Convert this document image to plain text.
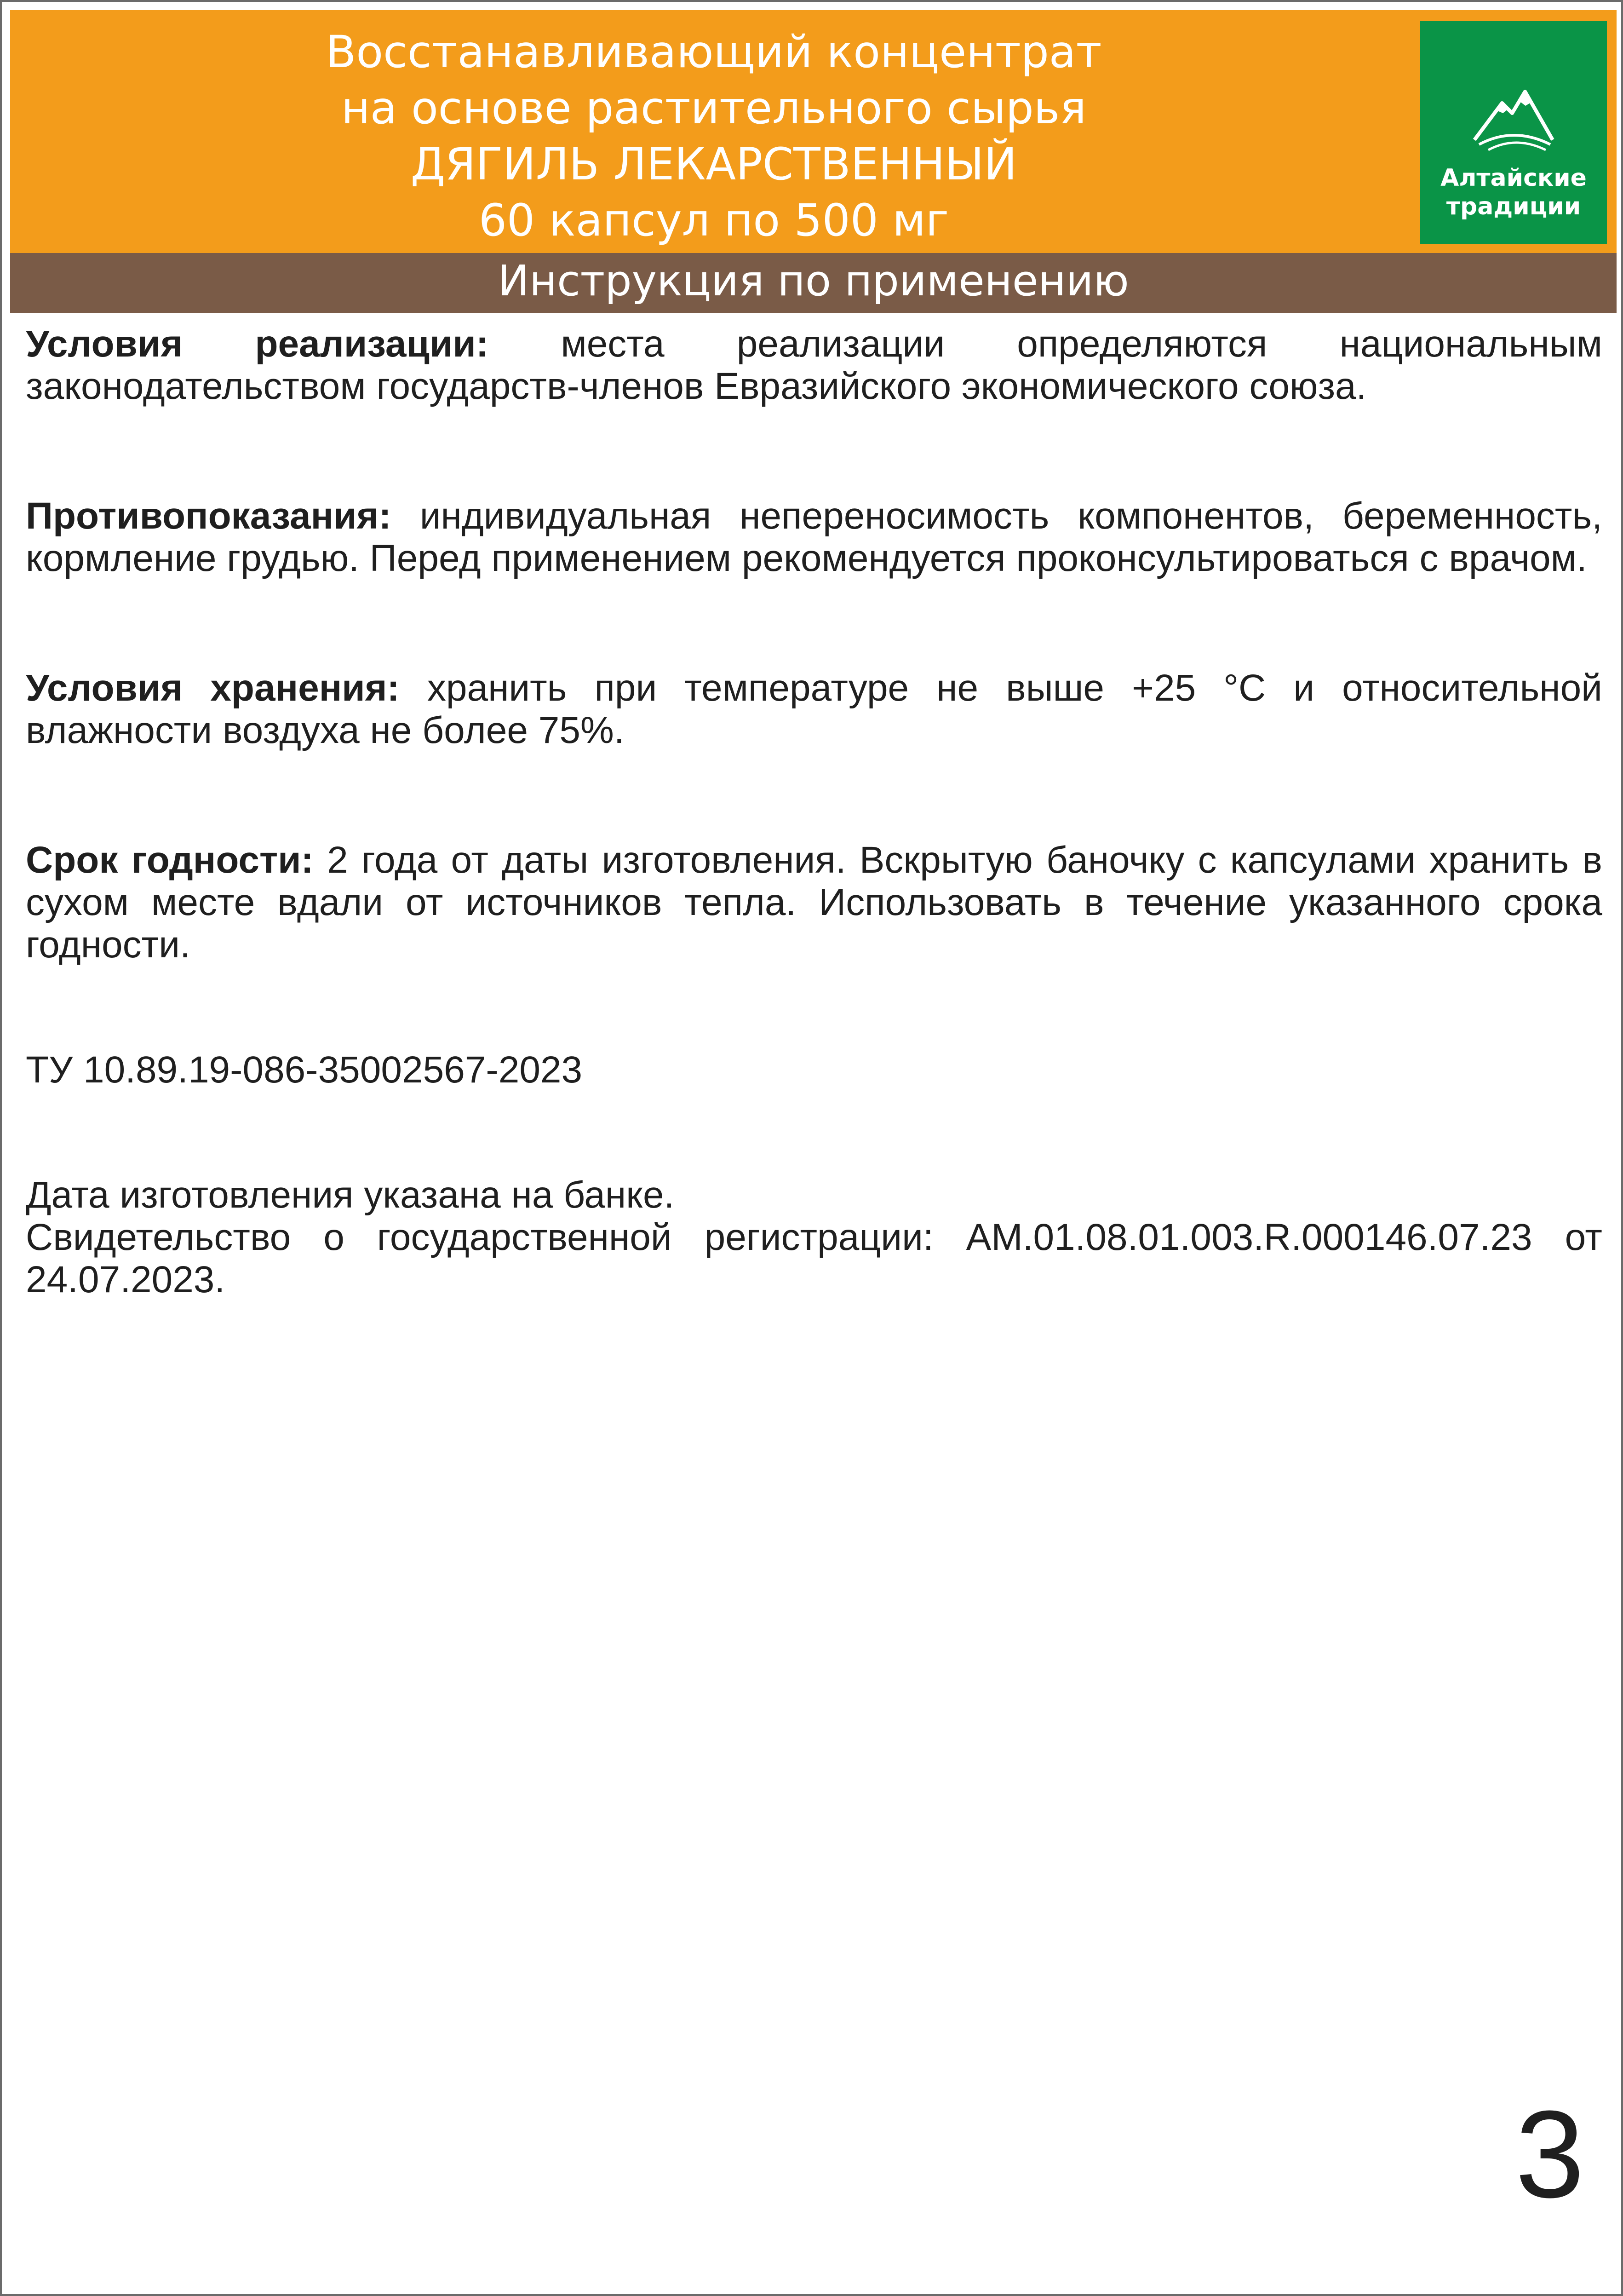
Восстанавливающий концентрат
на основе растительного сырья
ДЯГИЛЬ ЛЕКАРСТВЕННЫЙ
60 капсул по 500 мг
Алтайские
традиции
Инструкция по применению

Условия реализации: места реализации определяются национальным законодательством государств-членов Евразийского экономического союза.

Противопоказания: индивидуальная непереносимость компонентов, беременность, кормление грудью. Перед применением рекомендуется проконсультироваться с врачом.

Условия хранения: хранить при температуре не выше +25 °С и относительной влажности воздуха не более 75%.

Срок годности: 2 года от даты изготовления. Вскрытую баночку с капсулами хранить в сухом месте вдали от источников тепла. Использовать в течение указанного срока годности.

ТУ 10.89.19-086-35002567-2023

Дата изготовления указана на банке.

Свидетельство о государственной регистрации: AM.01.08.01.003.R.000146.07.23 от 24.07.2023.

3
